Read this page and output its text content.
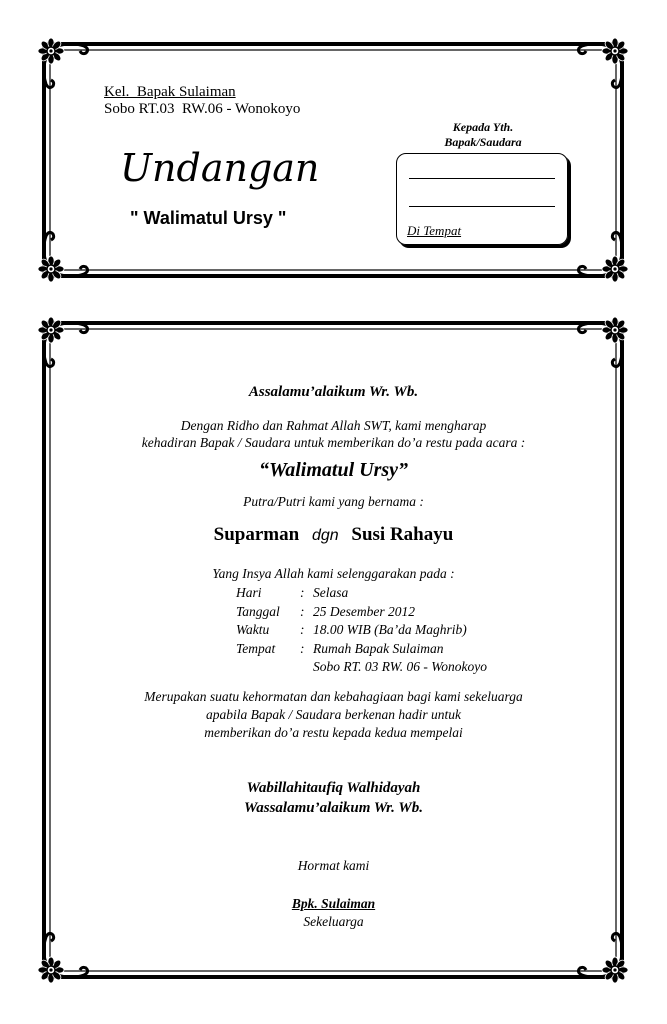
Kel.  Bapak Sulaiman
Sobo RT.03  RW.06 - Wonokoyo
Undangan
" Walimatul Ursy "
Kepada Yth.
Bapak/Saudara
Di Tempat
Assalamu’alaikum Wr. Wb.
Dengan Ridho dan Rahmat Allah SWT, kami mengharap
kehadiran Bapak / Saudara untuk memberikan do’a restu pada acara :
“Walimatul Ursy”
Putra/Putri kami yang bernama :
Suparman dgn Susi Rahayu
Yang Insya Allah kami selenggarakan pada :
Hari	: Selasa
Tanggal	: 25 Desember 2012
Waktu	: 18.00 WIB (Ba’da Maghrib)
Tempat	: Rumah Bapak Sulaiman
Sobo RT. 03 RW. 06 - Wonokoyo
Merupakan suatu kehormatan dan kebahagiaan bagi kami sekeluarga
apabila Bapak / Saudara berkenan hadir untuk
memberikan do’a restu kepada kedua mempelai
Wabillahitaufiq Walhidayah
Wassalamu’alaikum Wr. Wb.
Hormat kami
Bpk. Sulaiman
Sekeluarga
